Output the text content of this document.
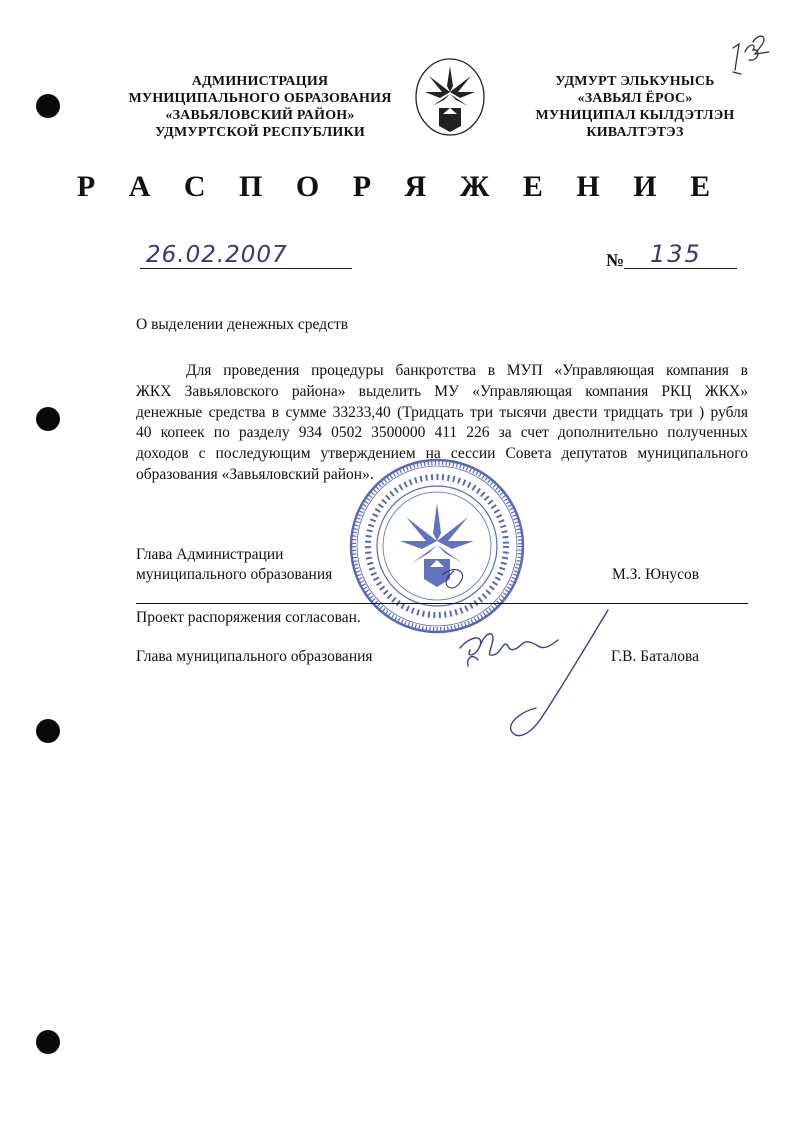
АДМИНИСТРАЦИЯ
МУНИЦИПАЛЬНОГО ОБРАЗОВАНИЯ
«ЗАВЬЯЛОВСКИЙ РАЙОН»
УДМУРТСКОЙ РЕСПУБЛИКИ
УДМУРТ ЭЛЬКУНЫСЬ
«ЗАВЬЯЛ ЁРОС»
МУНИЦИПАЛ КЫЛДЭТЛЭН
КИВАЛТЭТЭЗ
Р А С П О Р Я Ж Е Н И Е
26.02.2007	№ 135
О выделении денежных средств
Для проведения процедуры банкротства в МУП «Управляющая компания в
ЖКХ Завьяловского района» выделить МУ «Управляющая компания РКЦ ЖКХ»
денежные средства в сумме 33233,40 (Тридцать три тысячи двести тридцать три ) рубля
40 копеек по разделу 934 0502 3500000 411 226 за счет дополнительно полученных
доходов с последующим утверждением на сессии Совета депутатов муниципального
образования «Завьяловский район».
Глава Администрации
муниципального образования	М.З. Юнусов
Проект распоряжения согласован.
Глава муниципального образования	Г.В. Баталова
